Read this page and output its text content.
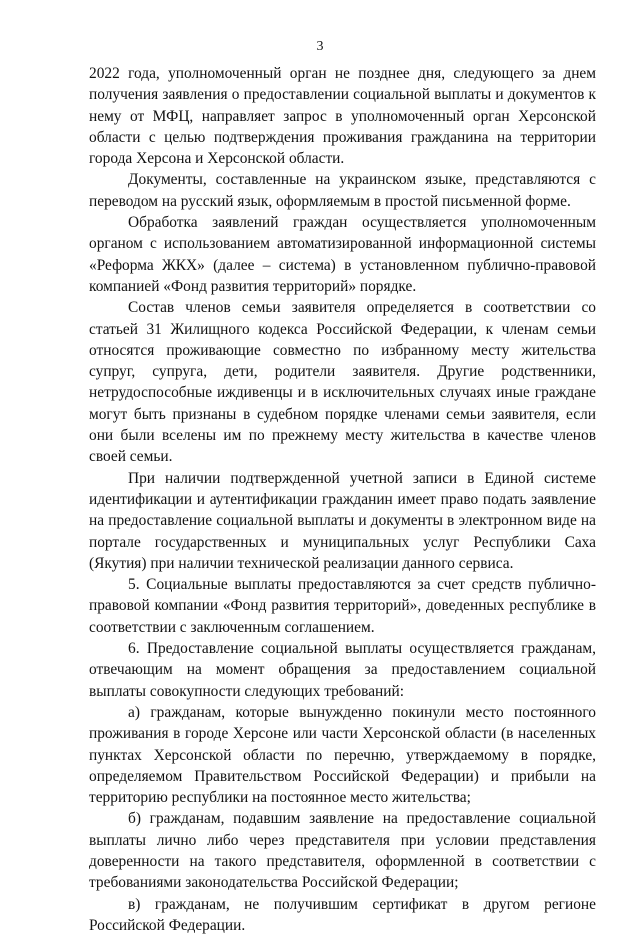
3

2022 года, уполномоченный орган не позднее дня, следующего за днем получения заявления о предоставлении социальной выплаты и документов к нему от МФЦ, направляет запрос в уполномоченный орган Херсонской области с целью подтверждения проживания гражданина на территории города Херсона и Херсонской области.

Документы, составленные на украинском языке, представляются с переводом на русский язык, оформляемым в простой письменной форме.

Обработка заявлений граждан осуществляется уполномоченным органом с использованием автоматизированной информационной системы «Реформа ЖКХ» (далее – система) в установленном публично-правовой компанией «Фонд развития территорий» порядке.

Состав членов семьи заявителя определяется в соответствии со статьей 31 Жилищного кодекса Российской Федерации, к членам семьи относятся проживающие совместно по избранному месту жительства супруг, супруга, дети, родители заявителя. Другие родственники, нетрудоспособные иждивенцы и в исключительных случаях иные граждане могут быть признаны в судебном порядке членами семьи заявителя, если они были вселены им по прежнему месту жительства в качестве членов своей семьи.

При наличии подтвержденной учетной записи в Единой системе идентификации и аутентификации гражданин имеет право подать заявление на предоставление социальной выплаты и документы в электронном виде на портале государственных и муниципальных услуг Республики Саха (Якутия) при наличии технической реализации данного сервиса.

5. Социальные выплаты предоставляются за счет средств публично-правовой компании «Фонд развития территорий», доведенных республике в соответствии с заключенным соглашением.

6. Предоставление социальной выплаты осуществляется гражданам, отвечающим на момент обращения за предоставлением социальной выплаты совокупности следующих требований:

а) гражданам, которые вынужденно покинули место постоянного проживания в городе Херсоне или части Херсонской области (в населенных пунктах Херсонской области по перечню, утверждаемому в порядке, определяемом Правительством Российской Федерации) и прибыли на территорию республики на постоянное место жительства;

б) гражданам, подавшим заявление на предоставление социальной выплаты лично либо через представителя при условии представления доверенности на такого представителя, оформленной в соответствии с требованиями законодательства Российской Федерации;

в) гражданам, не получившим сертификат в другом регионе Российской Федерации.
